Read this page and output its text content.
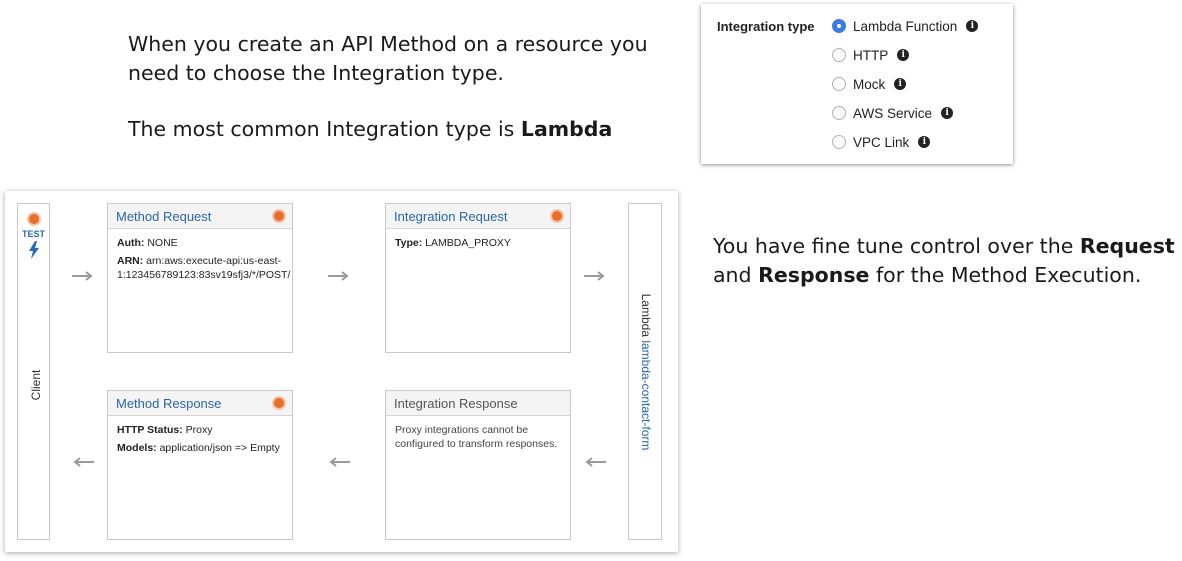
When you create an API Method on a resource you need to choose the Integration type.
The most common Integration type is Lambda
You have fine tune control over the Request and Response for the Method Execution.
Integration type	Lambda Function	i
HTTP	i
Mock	i
AWS Service	i
VPC Link	i
TEST
Client
Method Request

Auth: NONE

ARN: arn:aws:execute-api:us-east-1:123456789123:83sv19sfj3/*/POST/

Integration Request

Type: LAMBDA_PROXY

Method Response

HTTP Status: Proxy

Models: application/json => Empty

Integration Response

Proxy integrations cannot be configured to transform responses.

Lambda lambda-contact-form
